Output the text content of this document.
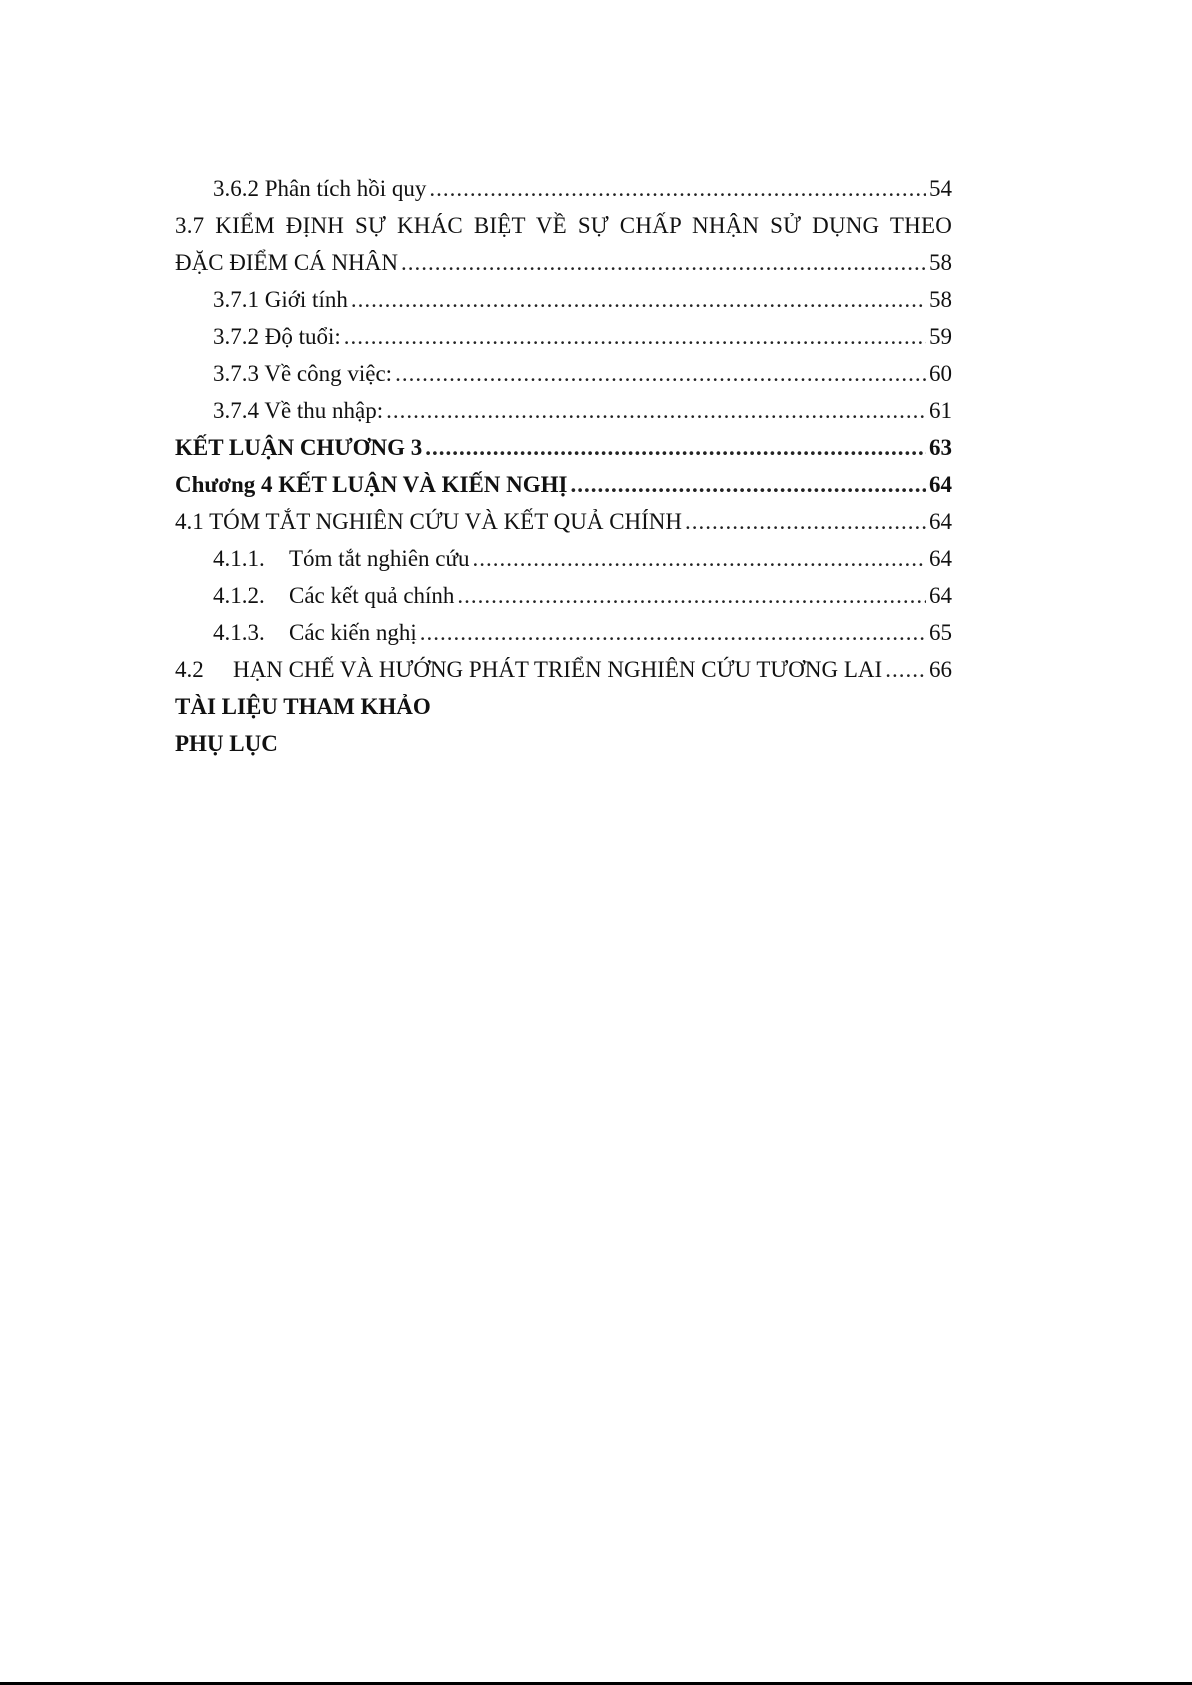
3.6.2 Phân tích hồi quy .....	54
3.7 KIỂM ĐỊNH SỰ KHÁC BIỆT VỀ SỰ CHẤP NHẬN SỬ DỤNG THEO
ĐẶC ĐIỂM CÁ NHÂN .....	58
3.7.1 Giới tính .....	58
3.7.2 Độ tuổi: .....	59
3.7.3 Về công việc: .....	60
3.7.4 Về thu nhập: .....	61
KẾT LUẬN CHƯƠNG 3 .....	63
Chương 4 KẾT LUẬN VÀ KIẾN NGHỊ .....	64
4.1 TÓM TẮT NGHIÊN CỨU VÀ KẾT QUẢ CHÍNH .....	64
4.1.1. Tóm tắt nghiên cứu .....	64
4.1.2. Các kết quả chính .....	64
4.1.3. Các kiến nghị .....	65
4.2 HẠN CHẾ VÀ HƯỚNG PHÁT TRIỂN NGHIÊN CỨU TƯƠNG LAI ..... 66
TÀI LIỆU THAM KHẢO
PHỤ LỤC
